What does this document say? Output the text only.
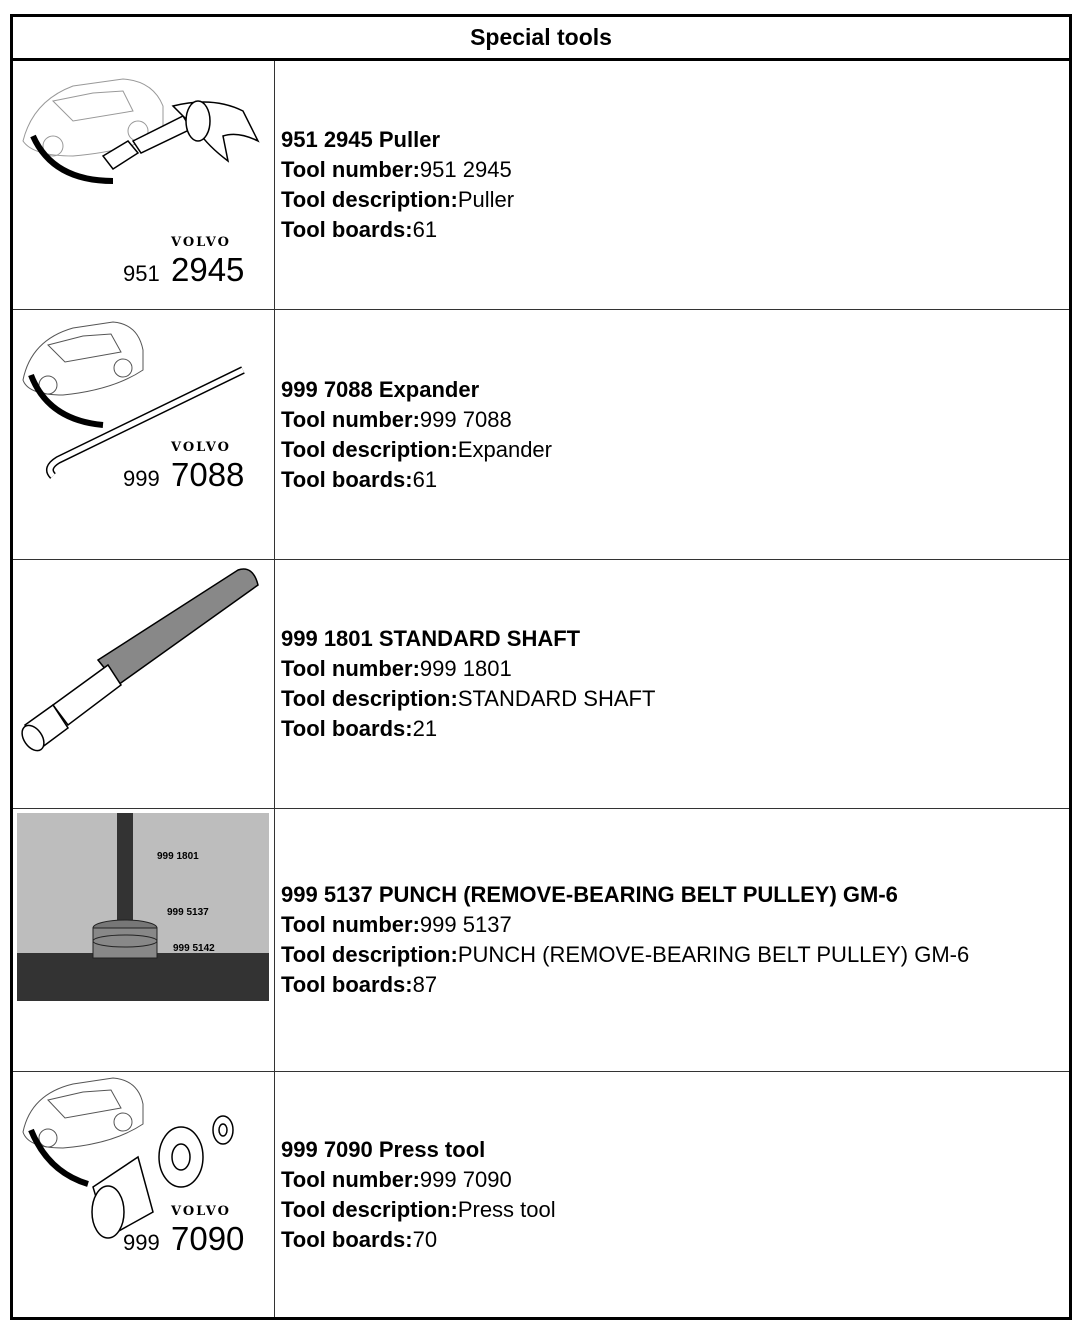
Special tools
VOLVO
951 2945
951 2945 Puller
Tool number:951 2945
Tool description:Puller
Tool boards:61
VOLVO
999 7088
999 7088 Expander
Tool number:999 7088
Tool description:Expander
Tool boards:61
999 1801 STANDARD SHAFT
Tool number:999 1801
Tool description:STANDARD SHAFT
Tool boards:21
999 1801
999 5137
999 5142
999 5137 PUNCH (REMOVE-BEARING BELT PULLEY) GM-6
Tool number:999 5137
Tool description:PUNCH (REMOVE-BEARING BELT PULLEY) GM-6
Tool boards:87
VOLVO
999 7090
999 7090 Press tool
Tool number:999 7090
Tool description:Press tool
Tool boards:70
